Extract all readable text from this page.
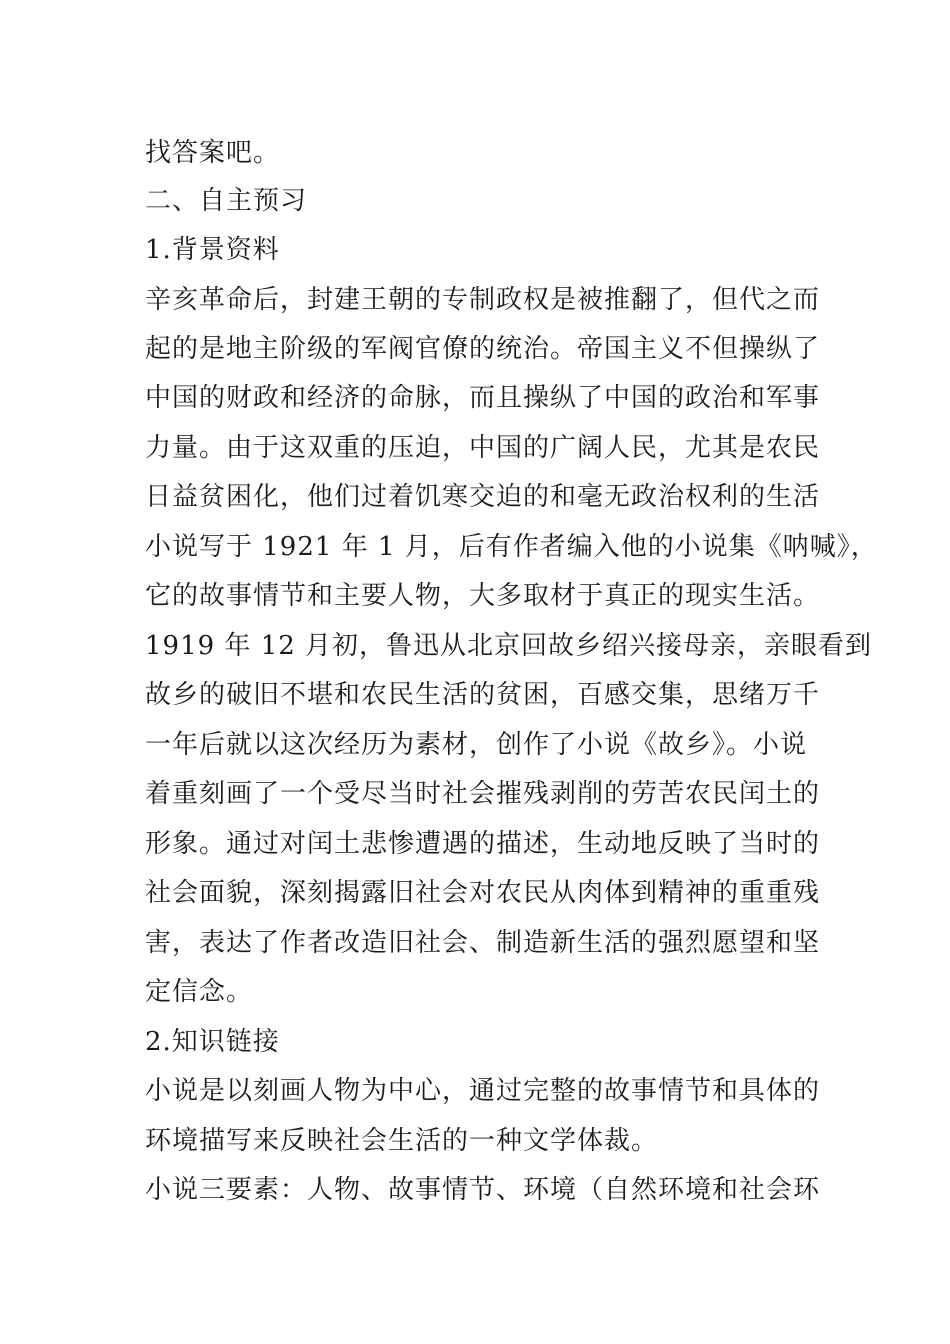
找答案吧。
二、自主预习
1.背景资料
辛亥革命后，封建王朝的专制政权是被推翻了，但代之而
起的是地主阶级的军阀官僚的统治。帝国主义不但操纵了
中国的财政和经济的命脉，而且操纵了中国的政治和军事
力量。由于这双重的压迫，中国的广阔人民，尤其是农民
日益贫困化，他们过着饥寒交迫的和毫无政治权利的生活
小说写于 1921 年 1 月，后有作者编入他的小说集《呐喊》，
它的故事情节和主要人物，大多取材于真正的现实生活。
1919 年 12 月初，鲁迅从北京回故乡绍兴接母亲，亲眼看到
故乡的破旧不堪和农民生活的贫困，百感交集，思绪万千
一年后就以这次经历为素材，创作了小说《故乡》。小说
着重刻画了一个受尽当时社会摧残剥削的劳苦农民闰土的
形象。通过对闰土悲惨遭遇的描述，生动地反映了当时的
社会面貌，深刻揭露旧社会对农民从肉体到精神的重重残
害，表达了作者改造旧社会、制造新生活的强烈愿望和坚
定信念。
2.知识链接
小说是以刻画人物为中心，通过完整的故事情节和具体的
环境描写来反映社会生活的一种文学体裁。
小说三要素：人物、故事情节、环境（自然环境和社会环
